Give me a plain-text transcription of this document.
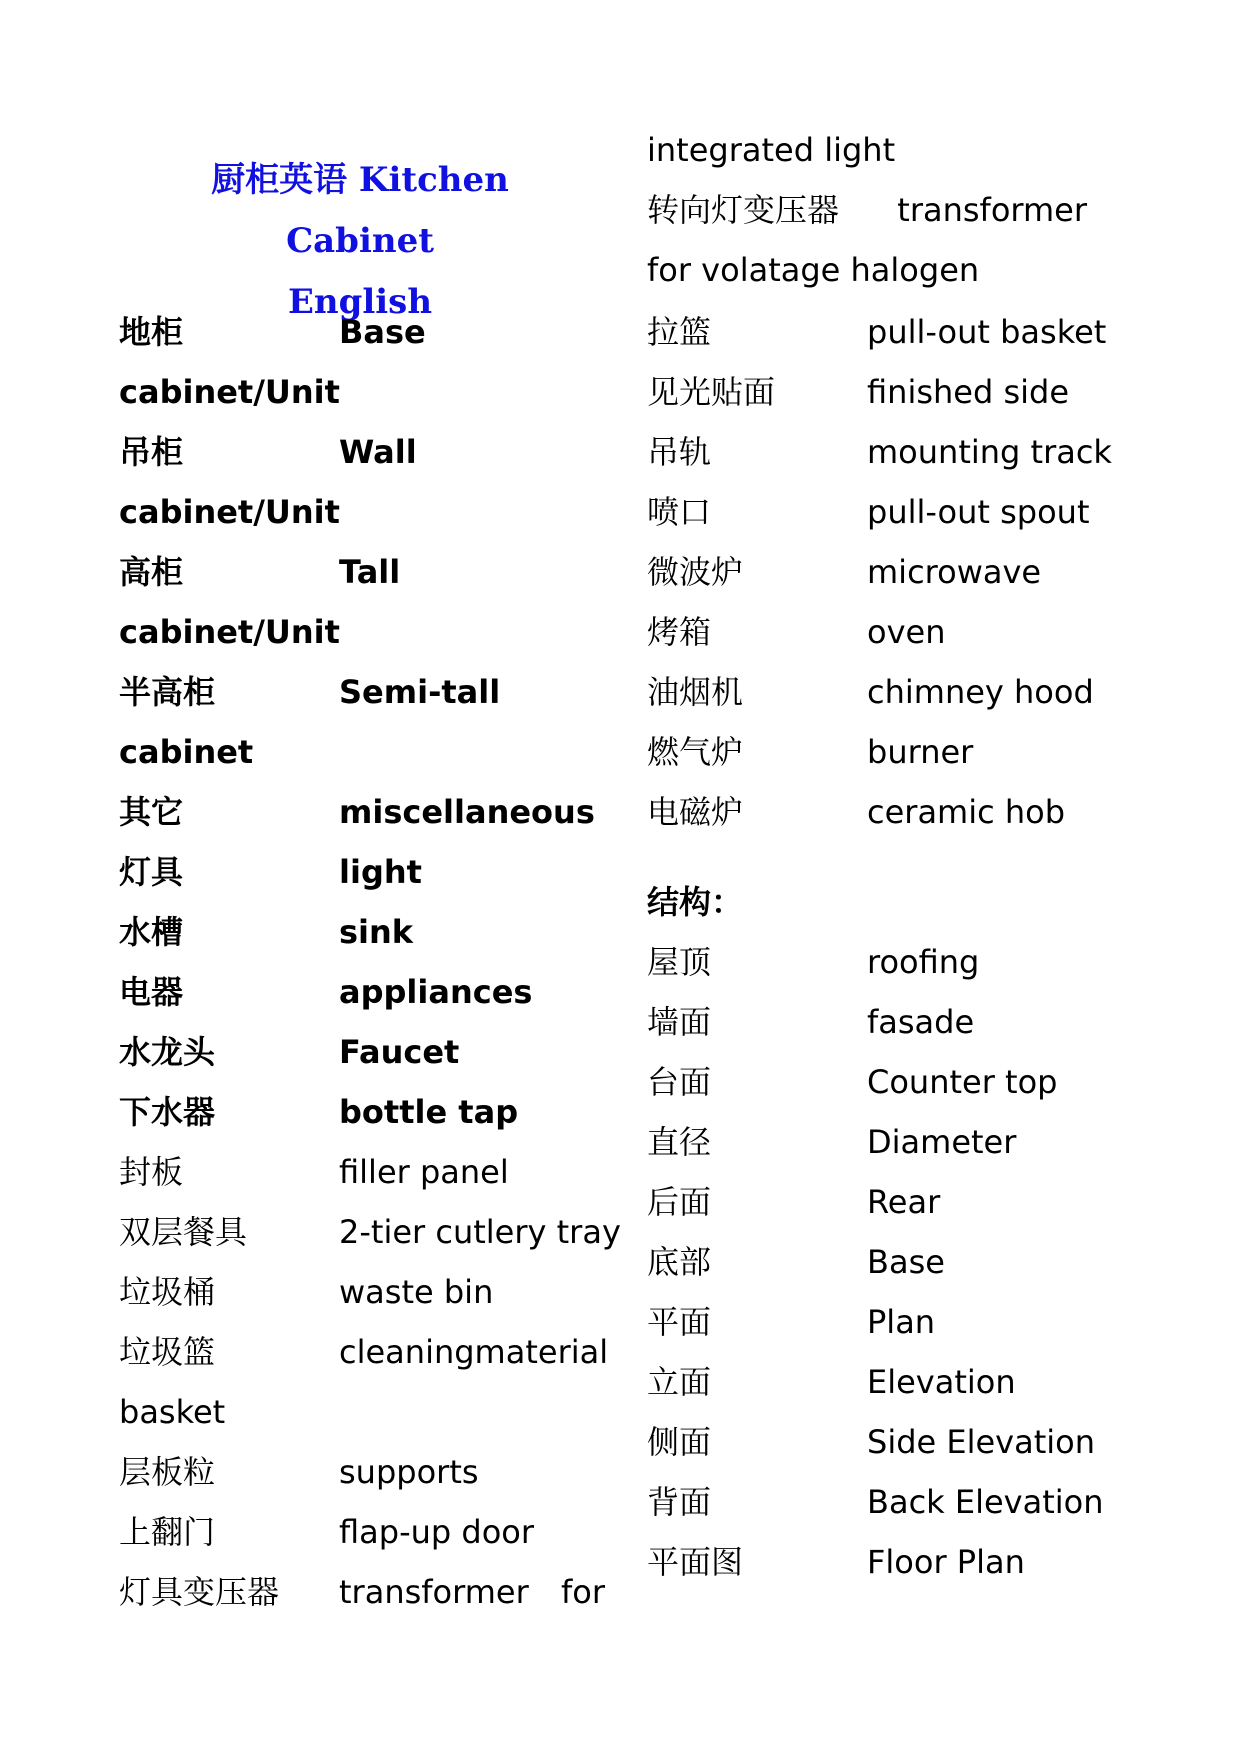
厨柜英语 Kitchen Cabinet
English
地柜	Base
cabinet/Unit
吊柜	Wall
cabinet/Unit
高柜	Tall
cabinet/Unit
半高柜	Semi-tall
cabinet
其它	miscellaneous
灯具	light
水槽	sink
电器	appliances
水龙头	Faucet
下水器	bottle tap
封板	filler panel
双层餐具	2-tier cutlery tray
垃圾桶	waste bin
垃圾篮	cleaning material
basket
层板粒	supports
上翻门	flap-up door
灯具变压器 transformer for
integrated light
转向灯变压器 transformer
for volatage halogen
拉篮	pull-out basket
见光贴面	finished side
吊轨	mounting track
喷口	pull-out spout
微波炉	microwave
烤箱	oven
油烟机	chimney hood
燃气炉	burner
电磁炉	ceramic hob
结构：
屋顶	roofing
墙面	fasade
台面	Counter top
直径	Diameter
后面	Rear
底部	Base
平面	Plan
立面	Elevation
侧面	Side Elevation
背面	Back Elevation
平面图	Floor Plan
